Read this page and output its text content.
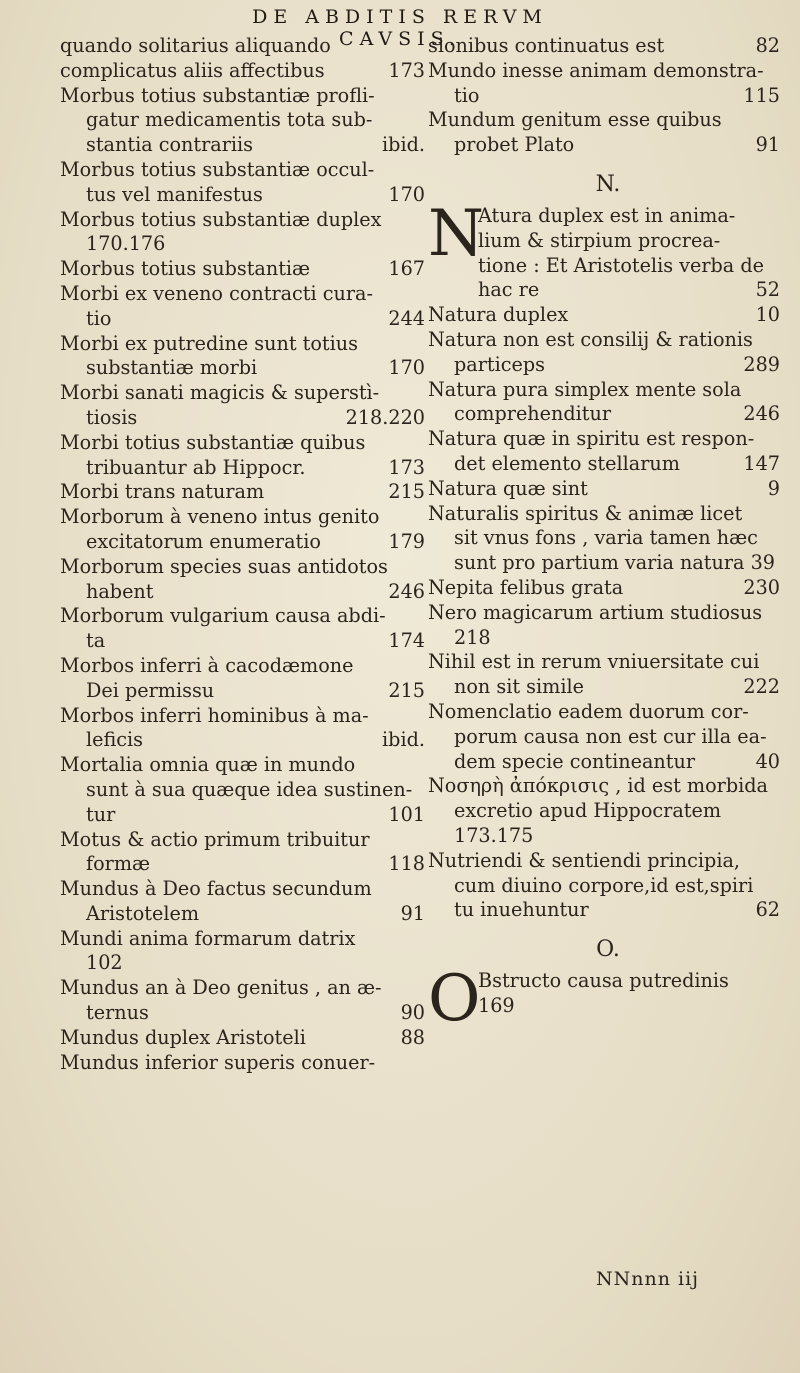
DE ABDITIS RERVM CAVSIS.
quando solitarius aliquando
complicatus aliis affectibus	173
Morbus totius substantiæ profli-
gatur medicamentis tota sub-
stantia contrariis	ibid.
Morbus totius substantiæ occul-
tus vel manifestus	170
Morbus totius substantiæ duplex
170.176
Morbus totius substantiæ	167
Morbi ex veneno contracti cura-
tio	244
Morbi ex putredine sunt totius
substantiæ morbi	170
Morbi sanati magicis & superstì-
tiosis	218.220
Morbi totius substantiæ quibus
tribuantur ab Hippocr.	173
Morbi trans naturam	215
Morborum à veneno intus genito
excitatorum enumeratio	179
Morborum species suas antidotos
habent	246
Morborum vulgarium causa abdi-
ta	174
Morbos inferri à cacodæmone
Dei permissu	215
Morbos inferri hominibus à ma-
leficis	ibid.
Mortalia omnia quæ in mundo
sunt à sua quæque idea sustinen-
tur	101
Motus & actio primum tribuitur
formæ	118
Mundus à Deo factus secundum
Aristotelem	91
Mundi anima formarum datrix
102
Mundus an à Deo genitus , an æ-
ternus	90
Mundus duplex Aristoteli	88
Mundus inferior superis conuer-
sionibus continuatus est	82
Mundo inesse animam demonstra-
tio	115
Mundum genitum esse quibus
probet Plato	91
N.
N
Atura duplex est in anima-
lium & stirpium procrea-
tione : Et Aristotelis verba de
hac re	52
Natura duplex	10
Natura non est consilij & rationis
particeps	289
Natura pura simplex mente sola
comprehenditur	246
Natura quæ in spiritu est respon-
det elemento stellarum	147
Natura quæ sint	9
Naturalis spiritus & animæ licet
sit vnus fons , varia tamen hæc
sunt pro partium varia natura 39
Nepita felibus grata	230
Nero magicarum artium studiosus
218
Nihil est in rerum vniuersitate cui
non sit simile	222
Nomenclatio eadem duorum cor-
porum causa non est cur illa ea-
dem specie contineantur	40
Νοσηρὴ ἀπόκρισις , id est morbida
excretio apud Hippocratem
173.175
Nutriendi & sentiendi principia,
cum diuino corpore,id est,spiri
tu inuehuntur	62
O.
O
Bstructo causa putredinis
169
NNnnn iij
